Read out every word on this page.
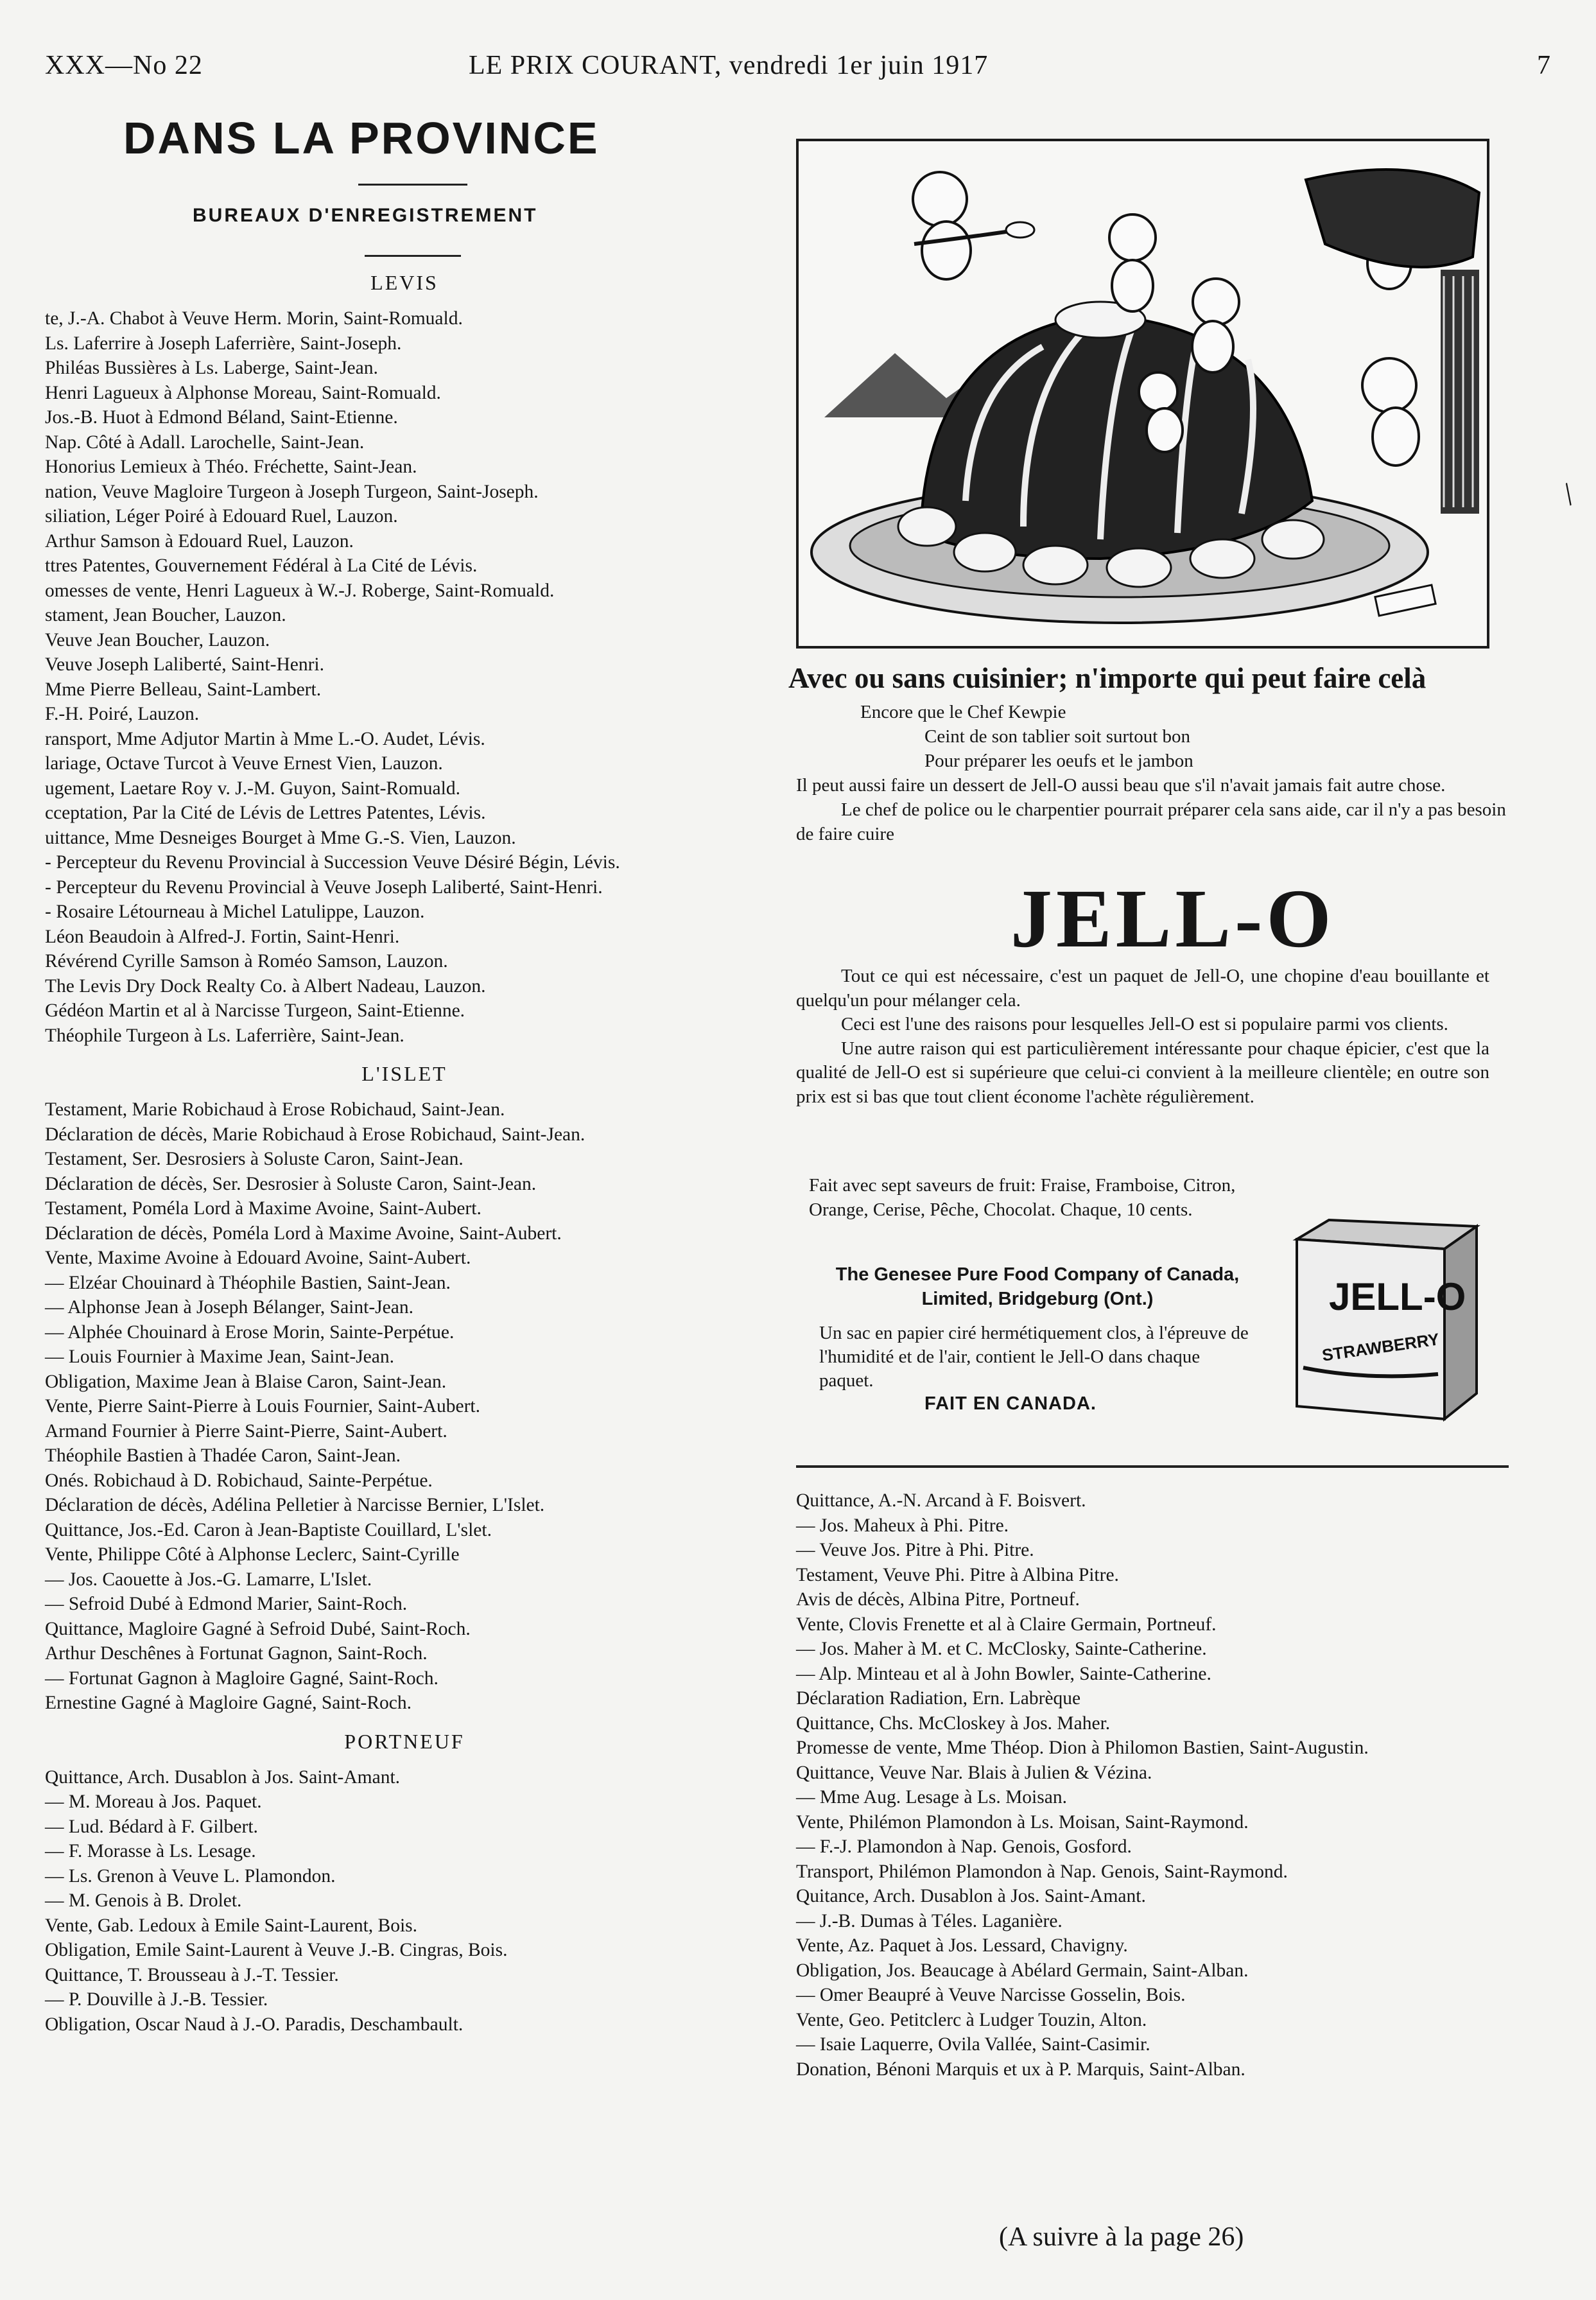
XXX—No 22	LE PRIX COURANT, vendredi 1er juin 1917	7
DANS LA PROVINCE
BUREAUX D'ENREGISTREMENT
LEVIS
te, J.-A. Chabot à Veuve Herm. Morin, Saint-Romuald.
Ls. Laferrire à Joseph Laferrière, Saint-Joseph.
Philéas Bussières à Ls. Laberge, Saint-Jean.
Henri Lagueux à Alphonse Moreau, Saint-Romuald.
Jos.-B. Huot à Edmond Béland, Saint-Etienne.
Nap. Côté à Adall. Larochelle, Saint-Jean.
Honorius Lemieux à Théo. Fréchette, Saint-Jean.
nation, Veuve Magloire Turgeon à Joseph Turgeon, Saint-Joseph.
siliation, Léger Poiré à Edouard Ruel, Lauzon.
Arthur Samson à Edouard Ruel, Lauzon.
ttres Patentes, Gouvernement Fédéral à La Cité de Lévis.
omesses de vente, Henri Lagueux à W.-J. Roberge, Saint-Romuald.
stament, Jean Boucher, Lauzon.
Veuve Jean Boucher, Lauzon.
Veuve Joseph Laliberté, Saint-Henri.
Mme Pierre Belleau, Saint-Lambert.
F.-H. Poiré, Lauzon.
ransport, Mme Adjutor Martin à Mme L.-O. Audet, Lévis.
lariage, Octave Turcot à Veuve Ernest Vien, Lauzon.
ugement, Laetare Roy v. J.-M. Guyon, Saint-Romuald.
cceptation, Par la Cité de Lévis de Lettres Patentes, Lévis.
uittance, Mme Desneiges Bourget à Mme G.-S. Vien, Lauzon.
- Percepteur du Revenu Provincial à Succession Veuve Désiré Bégin, Lévis.
- Percepteur du Revenu Provincial à Veuve Joseph Laliberté, Saint-Henri.
- Rosaire Létourneau à Michel Latulippe, Lauzon.
Léon Beaudoin à Alfred-J. Fortin, Saint-Henri.
Révérend Cyrille Samson à Roméo Samson, Lauzon.
The Levis Dry Dock Realty Co. à Albert Nadeau, Lauzon.
Gédéon Martin et al à Narcisse Turgeon, Saint-Etienne.
Théophile Turgeon à Ls. Laferrière, Saint-Jean.
L'ISLET
Testament, Marie Robichaud à Erose Robichaud, Saint-Jean.
Déclaration de décès, Marie Robichaud à Erose Robichaud, Saint-Jean.
Testament, Ser. Desrosiers à Soluste Caron, Saint-Jean.
Déclaration de décès, Ser. Desrosier à Soluste Caron, Saint-Jean.
Testament, Poméla Lord à Maxime Avoine, Saint-Aubert.
Déclaration de décès, Poméla Lord à Maxime Avoine, Saint-Aubert.
Vente, Maxime Avoine à Edouard Avoine, Saint-Aubert.
— Elzéar Chouinard à Théophile Bastien, Saint-Jean.
— Alphonse Jean à Joseph Bélanger, Saint-Jean.
— Alphée Chouinard à Erose Morin, Sainte-Perpétue.
— Louis Fournier à Maxime Jean, Saint-Jean.
Obligation, Maxime Jean à Blaise Caron, Saint-Jean.
Vente, Pierre Saint-Pierre à Louis Fournier, Saint-Aubert.
Armand Fournier à Pierre Saint-Pierre, Saint-Aubert.
Théophile Bastien à Thadée Caron, Saint-Jean.
Onés. Robichaud à D. Robichaud, Sainte-Perpétue.
Déclaration de décès, Adélina Pelletier à Narcisse Bernier, L'Islet.
Quittance, Jos.-Ed. Caron à Jean-Baptiste Couillard, L'slet.
Vente, Philippe Côté à Alphonse Leclerc, Saint-Cyrille
— Jos. Caouette à Jos.-G. Lamarre, L'Islet.
— Sefroid Dubé à Edmond Marier, Saint-Roch.
Quittance, Magloire Gagné à Sefroid Dubé, Saint-Roch.
Arthur Deschênes à Fortunat Gagnon, Saint-Roch.
— Fortunat Gagnon à Magloire Gagné, Saint-Roch.
Ernestine Gagné à Magloire Gagné, Saint-Roch.
PORTNEUF
Quittance, Arch. Dusablon à Jos. Saint-Amant.
— M. Moreau à Jos. Paquet.
— Lud. Bédard à F. Gilbert.
— F. Morasse à Ls. Lesage.
— Ls. Grenon à Veuve L. Plamondon.
— M. Genois à B. Drolet.
Vente, Gab. Ledoux à Emile Saint-Laurent, Bois.
Obligation, Emile Saint-Laurent à Veuve J.-B. Cingras, Bois.
Quittance, T. Brousseau à J.-T. Tessier.
— P. Douville à J.-B. Tessier.
Obligation, Oscar Naud à J.-O. Paradis, Deschambault.
Avec ou sans cuisinier; n'importe qui peut faire celà

Encore que le Chef Kewpie

Ceint de son tablier soit surtout bon

Pour préparer les oeufs et le jambon

Il peut aussi faire un dessert de Jell-O aussi beau que s'il n'avait jamais fait autre chose.

Le chef de police ou le charpentier pourrait préparer cela sans aide, car il n'y a pas besoin de faire cuire

JELL-O

Tout ce qui est nécessaire, c'est un paquet de Jell-O, une chopine d'eau bouillante et quelqu'un pour mélanger cela.

Ceci est l'une des raisons pour lesquelles Jell-O est si populaire parmi vos clients.

Une autre raison qui est particulièrement intéressante pour chaque épicier, c'est que la qualité de Jell-O est si supérieure que celui-ci convient à la meilleure clientèle; en outre son prix est si bas que tout client économe l'achète régulièrement.

Fait avec sept saveurs de fruit: Fraise, Framboise, Citron, Orange, Cerise, Pêche, Chocolat. Chaque, 10 cents.
The Genesee Pure Food Company of Canada, Limited, Bridgeburg (Ont.)
Un sac en papier ciré hermétiquement clos, à l'épreuve de l'humidité et de l'air, contient le Jell-O dans chaque paquet.
FAIT EN CANADA.
JELL-O
STRAWBERRY
Quittance, A.-N. Arcand à F. Boisvert.
— Jos. Maheux à Phi. Pitre.
— Veuve Jos. Pitre à Phi. Pitre.
Testament, Veuve Phi. Pitre à Albina Pitre.
Avis de décès, Albina Pitre, Portneuf.
Vente, Clovis Frenette et al à Claire Germain, Portneuf.
— Jos. Maher à M. et C. McClosky, Sainte-Catherine.
— Alp. Minteau et al à John Bowler, Sainte-Catherine.
Déclaration Radiation, Ern. Labrèque
Quittance, Chs. McCloskey à Jos. Maher.
Promesse de vente, Mme Théop. Dion à Philomon Bastien, Saint-Augustin.
Quittance, Veuve Nar. Blais à Julien & Vézina.
— Mme Aug. Lesage à Ls. Moisan.
Vente, Philémon Plamondon à Ls. Moisan, Saint-Raymond.
— F.-J. Plamondon à Nap. Genois, Gosford.
Transport, Philémon Plamondon à Nap. Genois, Saint-Raymond.
Quitance, Arch. Dusablon à Jos. Saint-Amant.
— J.-B. Dumas à Téles. Laganière.
Vente, Az. Paquet à Jos. Lessard, Chavigny.
Obligation, Jos. Beaucage à Abélard Germain, Saint-Alban.
— Omer Beaupré à Veuve Narcisse Gosselin, Bois.
Vente, Geo. Petitclerc à Ludger Touzin, Alton.
— Isaie Laquerre, Ovila Vallée, Saint-Casimir.
Donation, Bénoni Marquis et ux à P. Marquis, Saint-Alban.
(A suivre à la page 26)
/
